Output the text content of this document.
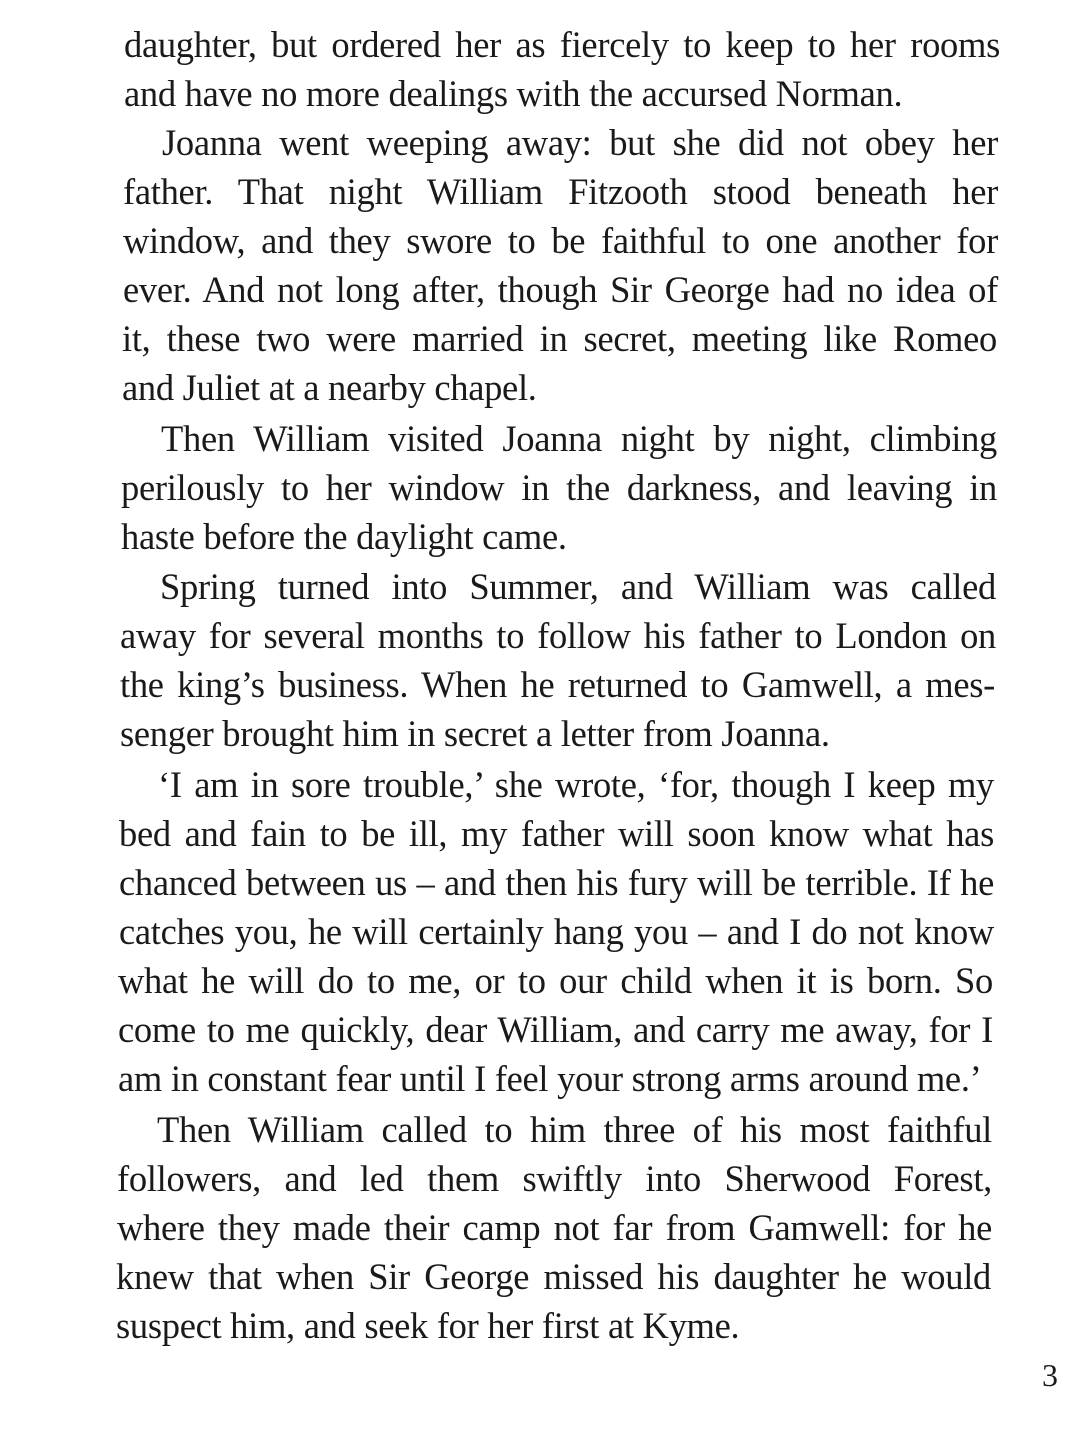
daughter, but ordered her as fiercely to keep to her rooms
and have no more dealings with the accursed Norman.
Joanna went weeping away: but she did not obey her
father. That night William Fitzooth stood beneath her
window, and they swore to be faithful to one another for
ever. And not long after, though Sir George had no idea of
it, these two were married in secret, meeting like Romeo
and Juliet at a nearby chapel.
Then William visited Joanna night by night, climbing
perilously to her window in the darkness, and leaving in
haste before the daylight came.
Spring turned into Summer, and William was called
away for several months to follow his father to London on
the king’s business. When he returned to Gamwell, a mes-
senger brought him in secret a letter from Joanna.
‘I am in sore trouble,’ she wrote, ‘for, though I keep my
bed and fain to be ill, my father will soon know what has
chanced between us – and then his fury will be terrible. If he
catches you, he will certainly hang you – and I do not know
what he will do to me, or to our child when it is born. So
come to me quickly, dear William, and carry me away, for I
am in constant fear until I feel your strong arms around me.’
Then William called to him three of his most faithful
followers, and led them swiftly into Sherwood Forest,
where they made their camp not far from Gamwell: for he
knew that when Sir George missed his daughter he would
suspect him, and seek for her first at Kyme.
3
